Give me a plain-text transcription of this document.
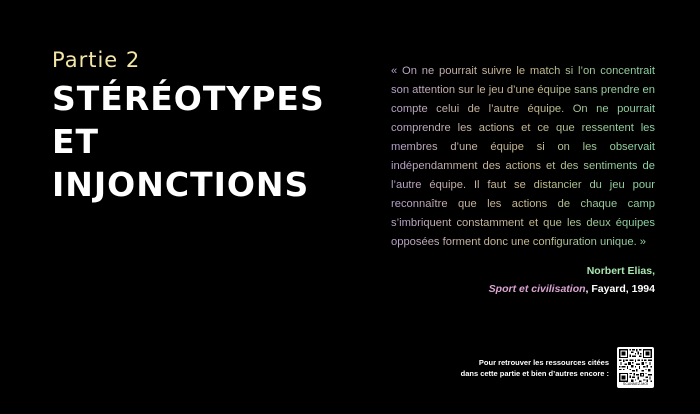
Partie 2
STÉRÉOTYPES
ET
INJONCTIONS

« On ne pourrait suivre le match si l’on concentrait son attention sur le jeu d’une équipe sans prendre en compte celui de l’autre équipe. On ne pourrait comprendre les actions et ce que ressentent les membres d’une équipe si on les observait indépendamment des actions et des sentiments de l’autre équipe. Il faut se distancier du jeu pour reconnaître que les actions de chaque camp s’imbriquent constamment et que les deux équipes opposées forment donc une configuration unique. »

Norbert Elias,
Sport et civilisation, Fayard, 1994
Pour retrouver les ressources citées
dans cette partie et bien d’autres encore :
SCANNEZ-MOI
